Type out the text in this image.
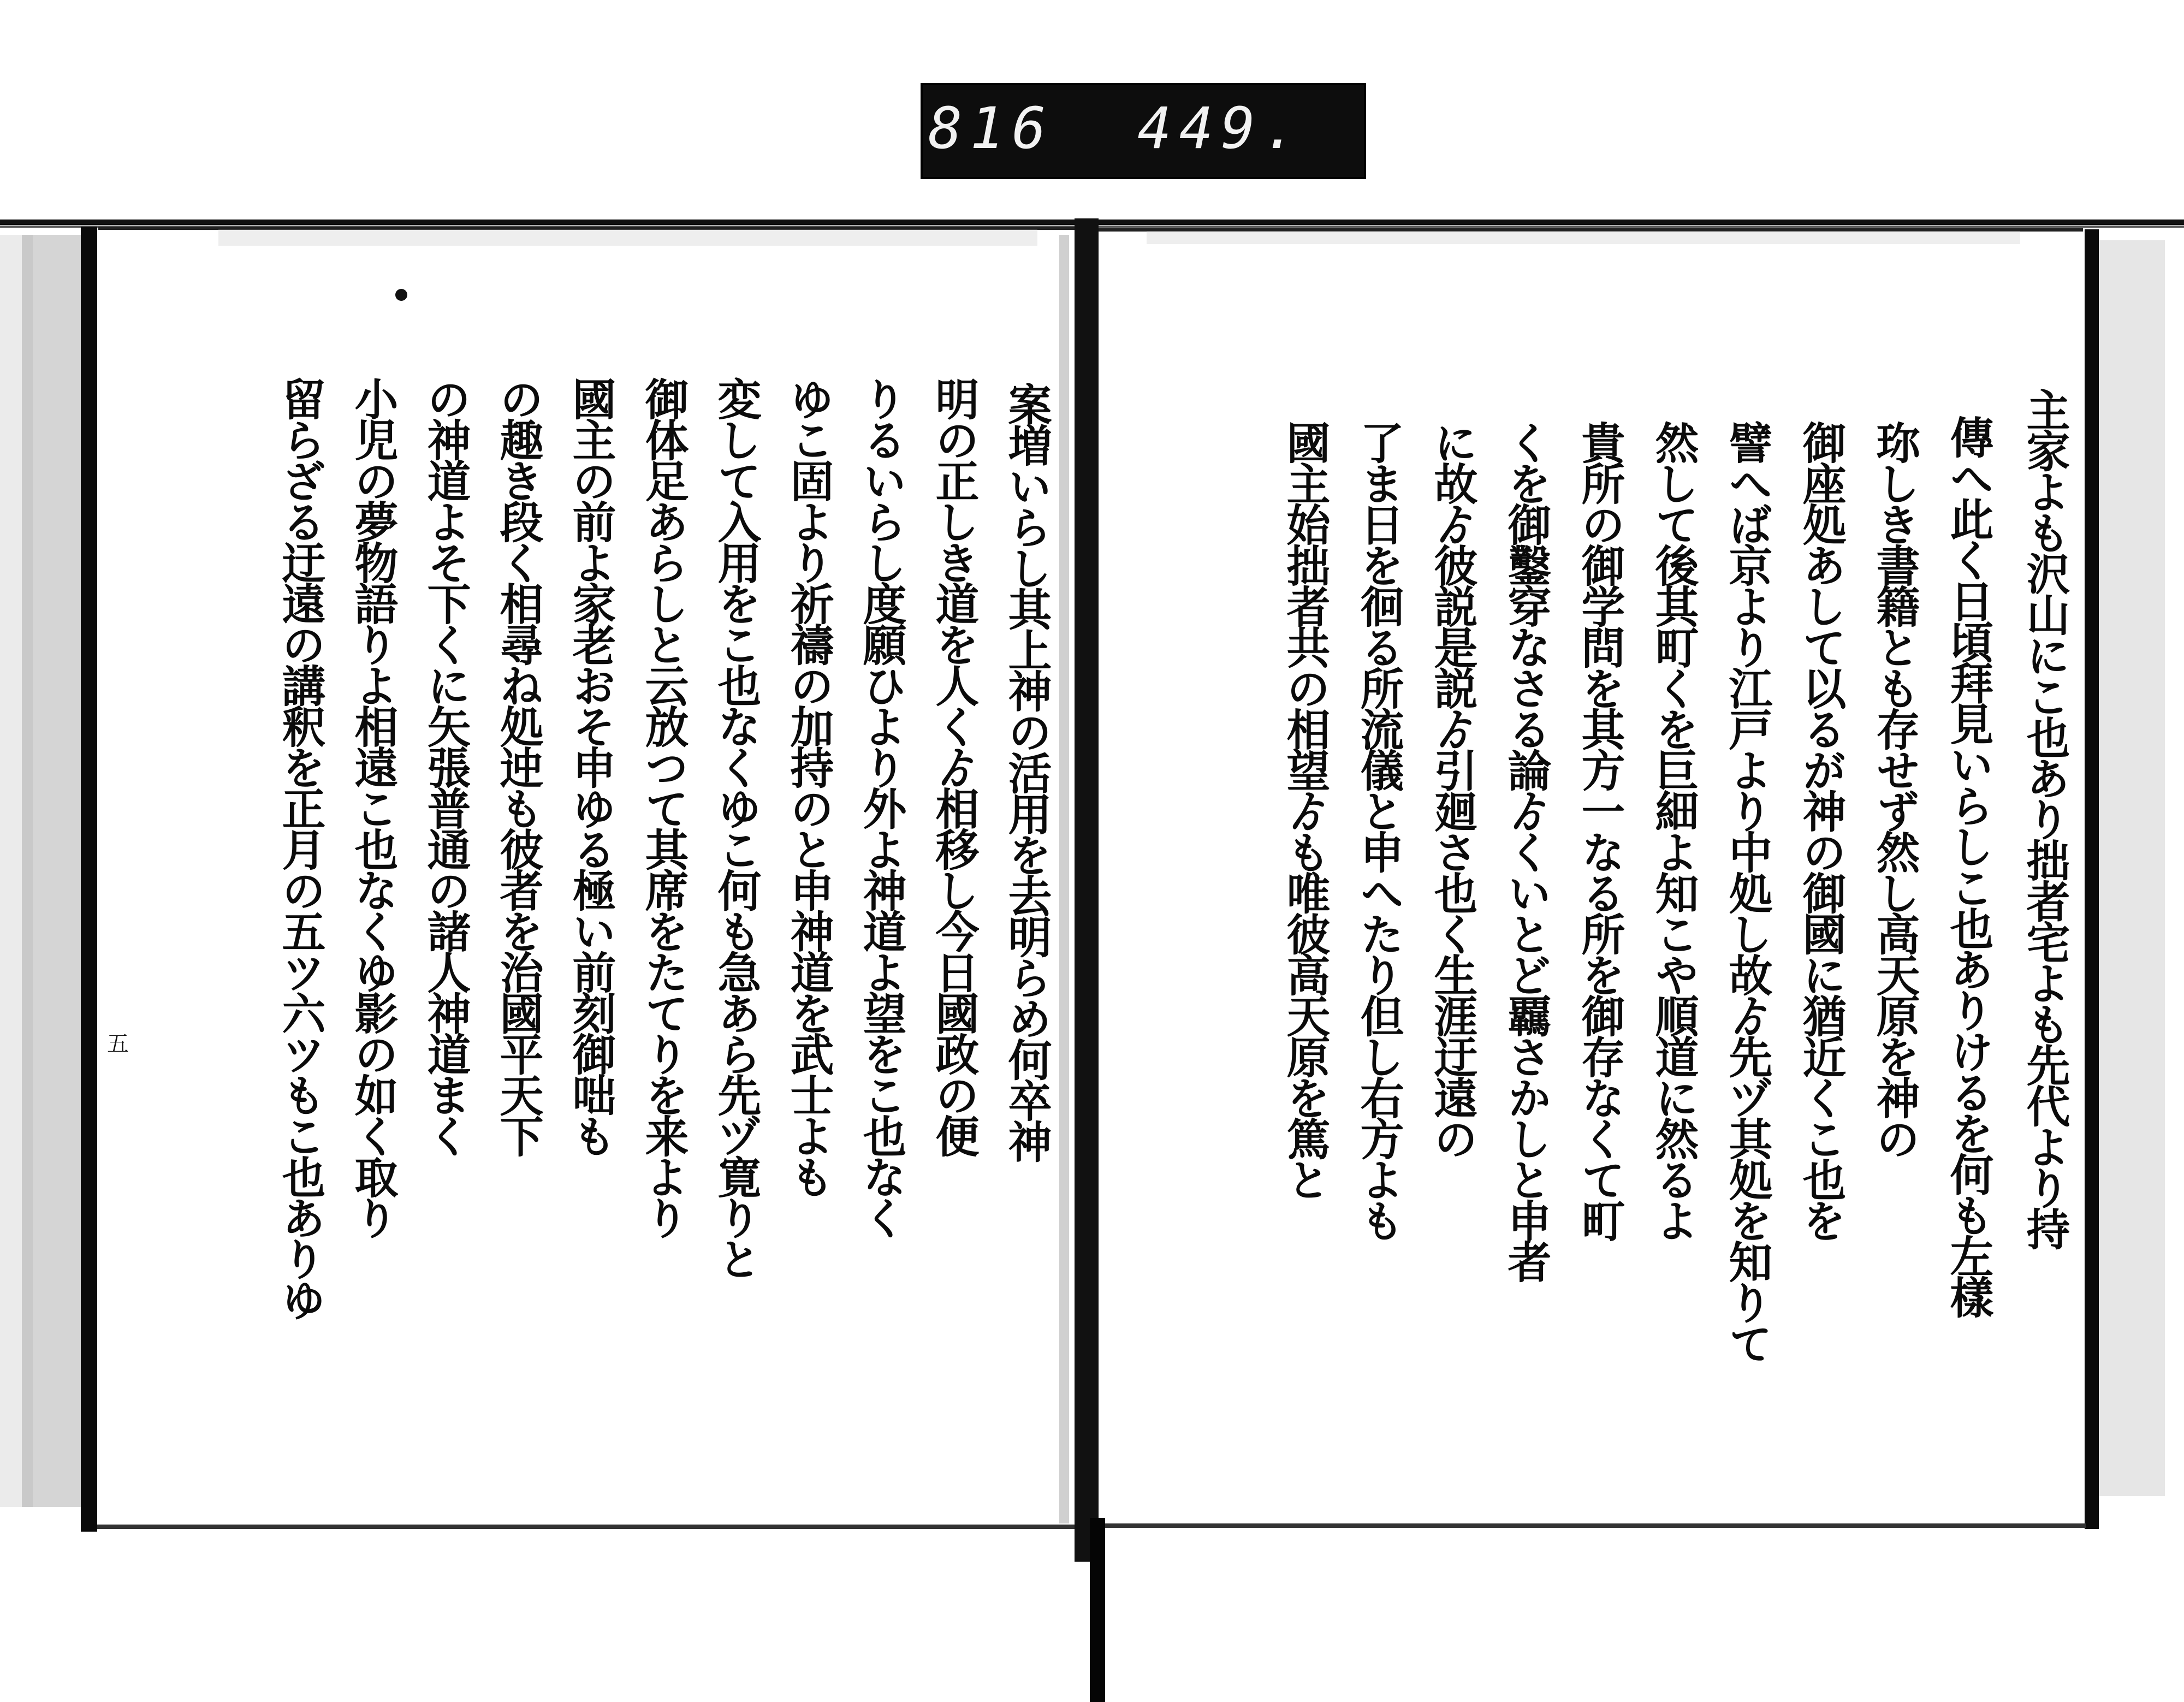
816  449.
五	主家よも沢山にこ也あり拙者宅よも先代より持
傳へ此く日頃拜見いらしこ也ありけるを何も左樣
珎しき書籍とも存せず然し高天原を神の
御座処あして以るが神の御國に猶近くこ也を
譬へば京より江戸より中処し故ゟ先ヅ其処を知りて
然して後其町くを巨細よ知こや順道に然るよ
貴所の御学問を其方一なる所を御存なくて町
くを御鑿穿なさる論ゟくいとど覊さかしと申者
に故ゟ彼説是説ゟ引廻さ也く生涯迂遠の
了ま日を徊る所流儀と申へたり但し右方よも
國主始拙者共の相望ゟも唯彼高天原を篤と
案増いらし其上神の活用を去明らめ何卒神
明の正しき道を人くゟ相移し今日國政の便
りるいらし度願ひより外よ神道よ望をこ也なく
ゆこ固より祈禱の加持のと申神道を武士よも
変して入用をこ也なくゆこ何も急あら先ヅ寛りと
御体足あらしと云放つて其席をたてりを来より
國主の前よ家老おそ申ゆる極い前刻御咄も
の趣き段く相尋ね処迚も彼者を治國平天下
の神道よそ下くに矢張普通の諸人神道まく
小児の夢物語りよ相遠こ也なくゆ影の如く取り
留らざる迂遠の講釈を正月の五ツ六ツもこ也ありゆ
